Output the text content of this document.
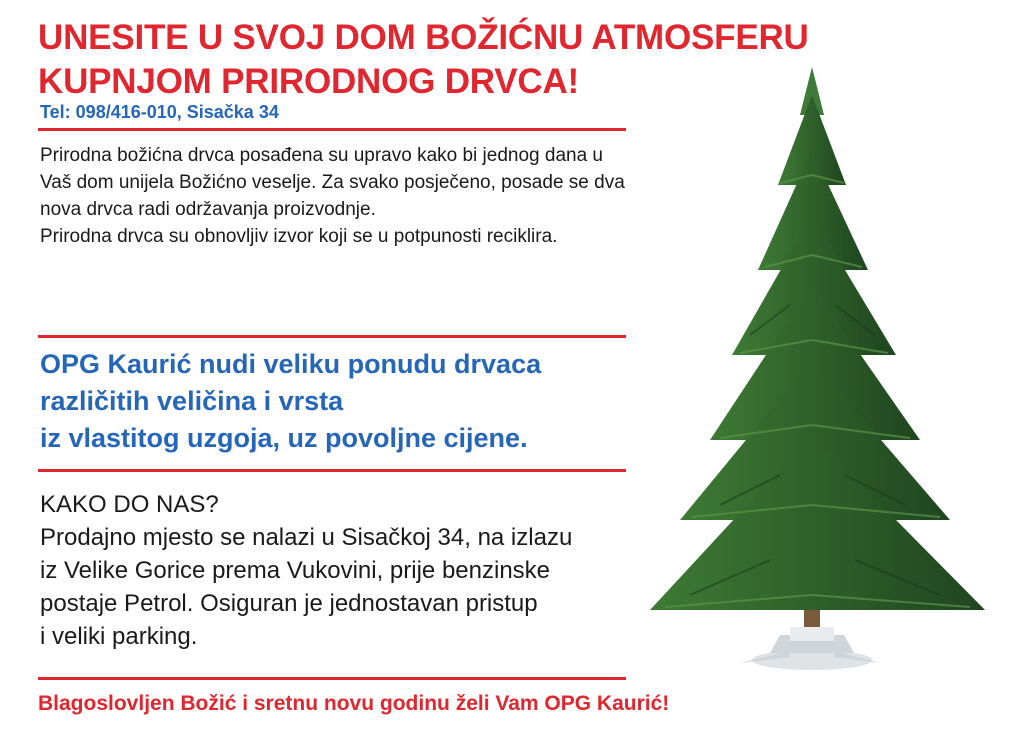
UNESITE U SVOJ DOM BOŽIĆNU ATMOSFERU
KUPNJOM PRIRODNOG DRVCA!
Tel: 098/416-010, Sisačka 34

Prirodna božićna drvca posađena su upravo kako bi jednog dana u Vaš dom unijela Božićno veselje. Za svako posječeno, posade se dva nova drvca radi održavanja proizvodnje.

Prirodna drvca su obnovljiv izvor koji se u potpunosti reciklira.

OPG Kaurić nudi veliku ponudu drvaca
različitih veličina i vrsta
iz vlastitog uzgoja, uz povoljne cijene.
KAKO DO NAS?
Prodajno mjesto se nalazi u Sisačkoj 34, na izlazu
iz Velike Gorice prema Vukovini, prije benzinske
postaje Petrol. Osiguran je jednostavan pristup
i veliki parking.
Blagoslovljen Božić i sretnu novu godinu želi Vam OPG Kaurić!
